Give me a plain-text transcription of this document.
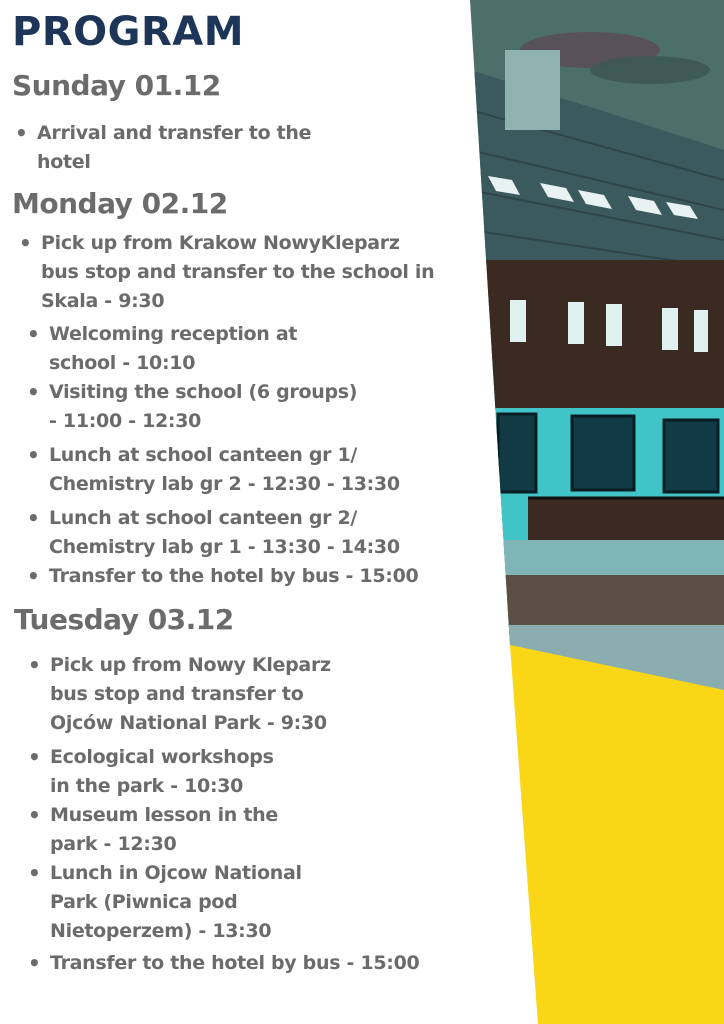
PROGRAM
Sunday 01.12
• Arrival and transfer to the
hotel
Monday 02.12
• Pick up from Krakow NowyKleparz
bus stop and transfer to the school in
Skala - 9:30
• Welcoming reception at
school - 10:10
• Visiting the school (6 groups)
- 11:00 - 12:30
• Lunch at school canteen gr 1/
Chemistry lab gr 2 - 12:30 - 13:30
• Lunch at school canteen gr 2/
Chemistry lab gr 1 - 13:30 - 14:30
• Transfer to the hotel by bus - 15:00
Tuesday 03.12
• Pick up from Nowy Kleparz
bus stop and transfer to
Ojców National Park - 9:30
• Ecological workshops
in the park - 10:30
• Museum lesson in the
park - 12:30
• Lunch in Ojcow National
Park (Piwnica pod
Nietoperzem) - 13:30
• Transfer to the hotel by bus - 15:00
